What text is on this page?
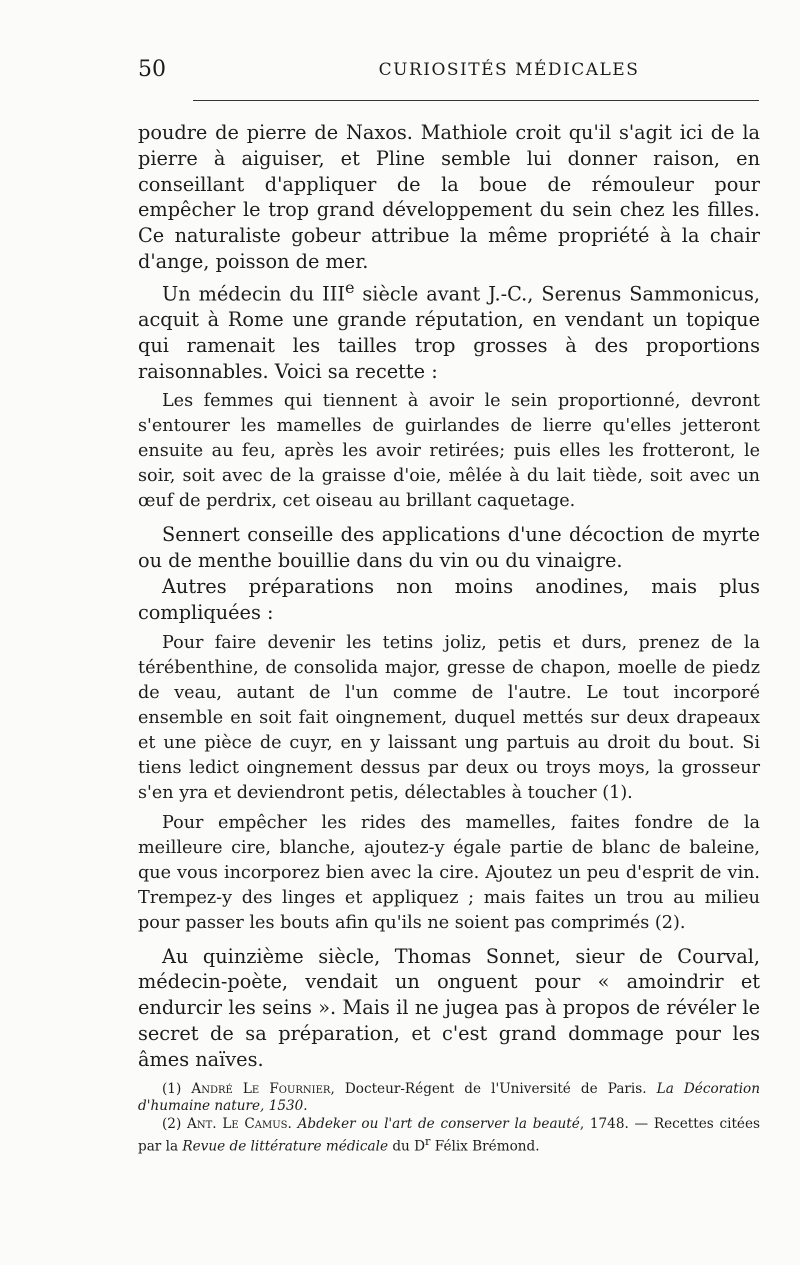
50	CURIOSITÉS MÉDICALES

poudre de pierre de Naxos. Mathiole croit qu'il s'agit ici de la pierre à aiguiser, et Pline semble lui donner raison, en conseillant d'appliquer de la boue de rémouleur pour empêcher le trop grand développement du sein chez les filles. Ce naturaliste gobeur attribue la même propriété à la chair d'ange, poisson de mer.

Un médecin du IIIe siècle avant J.-C., Serenus Sammonicus, acquit à Rome une grande réputation, en vendant un topique qui ramenait les tailles trop grosses à des proportions raisonnables. Voici sa recette :

Les femmes qui tiennent à avoir le sein proportionné, devront s'entourer les mamelles de guirlandes de lierre qu'elles jetteront ensuite au feu, après les avoir retirées; puis elles les frotteront, le soir, soit avec de la graisse d'oie, mêlée à du lait tiède, soit avec un œuf de perdrix, cet oiseau au brillant caquetage.

Sennert conseille des applications d'une décoction de myrte ou de menthe bouillie dans du vin ou du vinaigre.

Autres préparations non moins anodines, mais plus compliquées :

Pour faire devenir les tetins joliz, petis et durs, prenez de la térébenthine, de consolida major, gresse de chapon, moelle de piedz de veau, autant de l'un comme de l'autre. Le tout incorporé ensemble en soit fait oingnement, duquel mettés sur deux drapeaux et une pièce de cuyr, en y laissant ung partuis au droit du bout. Si tiens ledict oingnement dessus par deux ou troys moys, la grosseur s'en yra et deviendront petis, délectables à toucher (1).

Pour empêcher les rides des mamelles, faites fondre de la meilleure cire, blanche, ajoutez-y égale partie de blanc de baleine, que vous incorporez bien avec la cire. Ajoutez un peu d'esprit de vin. Trempez-y des linges et appliquez ; mais faites un trou au milieu pour passer les bouts afin qu'ils ne soient pas comprimés (2).

Au quinzième siècle, Thomas Sonnet, sieur de Courval, médecin-poète, vendait un onguent pour « amoindrir et endurcir les seins ». Mais il ne jugea pas à propos de révéler le secret de sa préparation, et c'est grand dommage pour les âmes naïves.

(1) André Le Fournier, Docteur-Régent de l'Université de Paris. La Décoration d'humaine nature, 1530.

(2) Ant. Le Camus. Abdeker ou l'art de conserver la beauté, 1748. — Recettes citées par la Revue de littérature médicale du $D^r$ Félix Brémond.
